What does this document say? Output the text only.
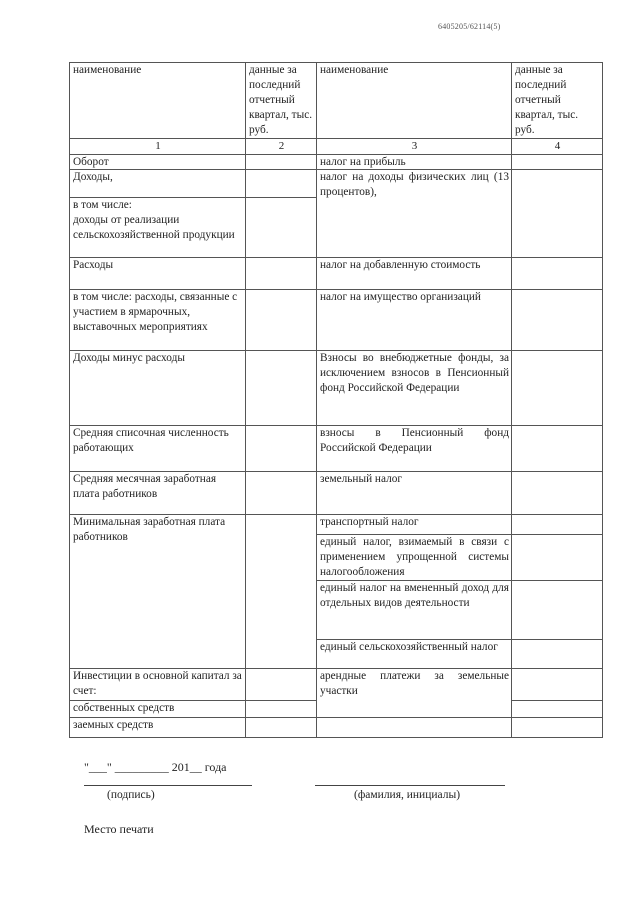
6405205/62114(5)
наименование	данные за последний отчетный квартал, тыс. руб.	наименование	данные за последний отчетный квартал, тыс. руб.
1	2	3	4
Оборот		налог на прибыль	
Доходы,		налог на доходы физических лиц (13 процентов),	
в том числе:
доходы от реализации сельскохозяйственной продукции			
Расходы		налог на добавленную стоимость	
в том числе: расходы, связанные с участием в ярмарочных, выставочных мероприятиях		налог на имущество организаций	
Доходы минус расходы		Взносы во внебюджетные фонды, за исключением взносов в Пенсионный фонд Российской Федерации	
Средняя списочная численность работающих		взносы в Пенсионный фонд Российской Федерации	
Средняя месячная заработная плата работников		земельный налог	
Минимальная заработная плата работников		транспортный налог	
		единый налог, взимаемый в связи с применением упрощенной системы налогообложения	
		единый налог на вмененный доход для отдельных видов деятельности	
		единый сельскохозяйственный налог	
Инвестиции в основной капитал за счет:		арендные платежи за земельные участки	
собственных средств			
заемных средств			
"___" _________ 201__ года
(подпись)	(фамилия, инициалы)
Место печати
